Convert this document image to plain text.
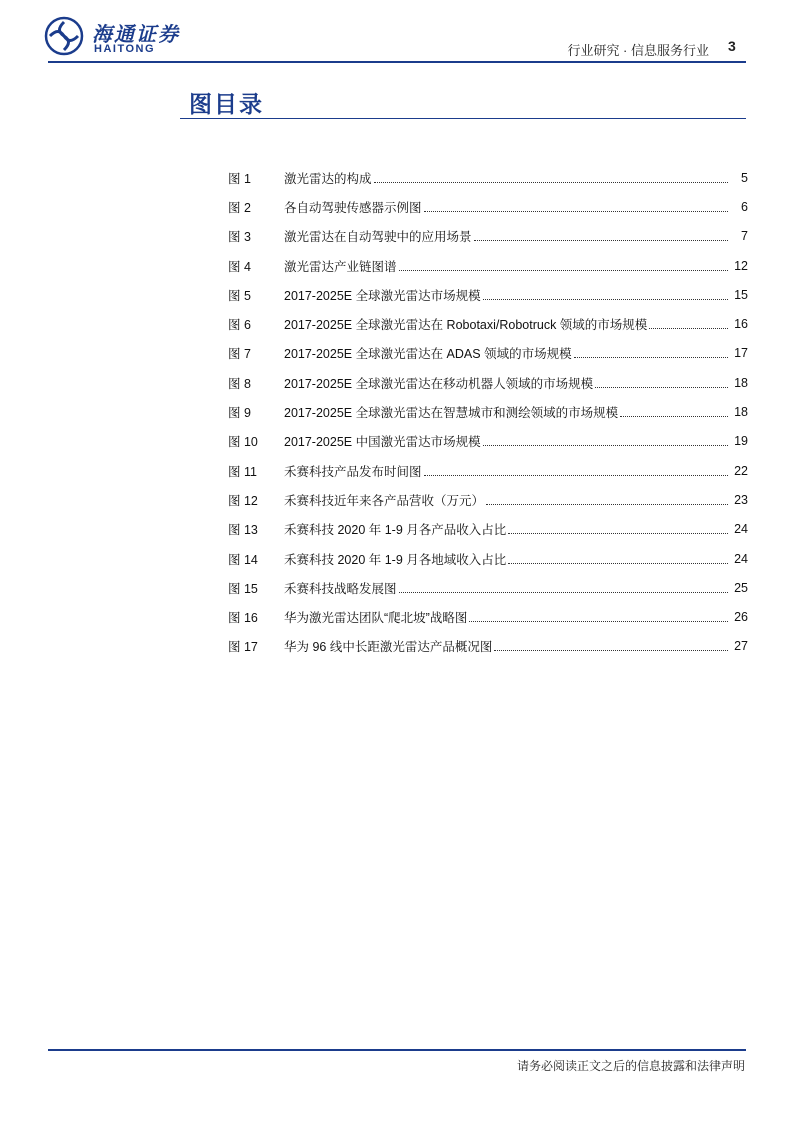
海通证券
HAITONG	行业研究 · 信息服务行业 3
图目录
图 1	激光雷达的构成	5
图 2	各自动驾驶传感器示例图	6
图 3	激光雷达在自动驾驶中的应用场景	7
图 4	激光雷达产业链图谱	12
图 5	2017-2025E 全球激光雷达市场规模	15
图 6	2017-2025E 全球激光雷达在 Robotaxi/Robotruck 领域的市场规模	16
图 7	2017-2025E 全球激光雷达在 ADAS 领域的市场规模	17
图 8	2017-2025E 全球激光雷达在移动机器人领域的市场规模	18
图 9	2017-2025E 全球激光雷达在智慧城市和测绘领域的市场规模	18
图 10	2017-2025E 中国激光雷达市场规模	19
图 11	禾赛科技产品发布时间图	22
图 12	禾赛科技近年来各产品营收（万元）	23
图 13	禾赛科技 2020 年 1-9 月各产品收入占比	24
图 14	禾赛科技 2020 年 1-9 月各地域收入占比	24
图 15	禾赛科技战略发展图	25
图 16	华为激光雷达团队“爬北坡”战略图	26
图 17	华为 96 线中长距激光雷达产品概况图	27
请务必阅读正文之后的信息披露和法律声明
